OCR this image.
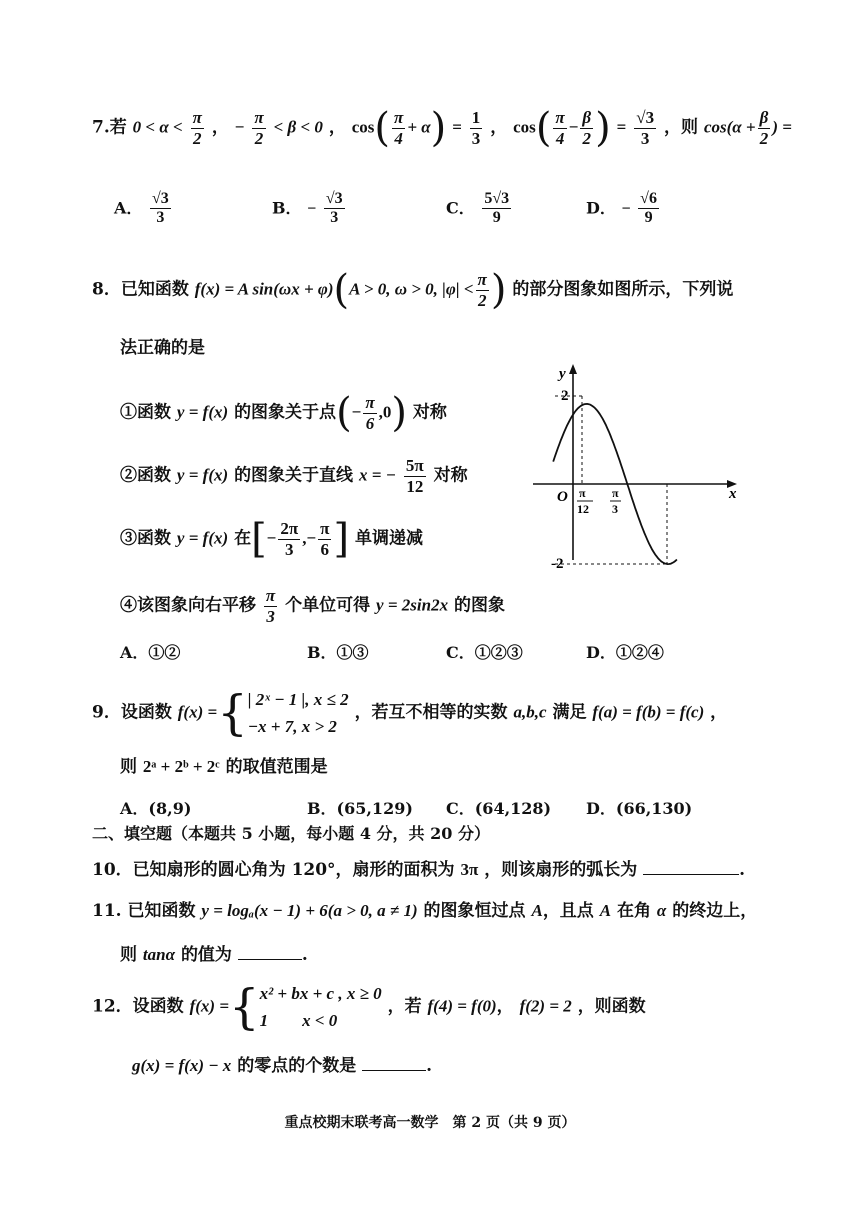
7.若 $0 < \alpha < \frac{\pi}{2}$ ， − $\frac{\pi}{2} < \beta < 0$ ， $\cos( \frac{\pi}{4} + \alpha) = \frac{1}{3}$ ， $\cos( \frac{\pi}{4} - \frac{\beta}{2}$ ) = $\frac{√3}{3}$ ，则 $\cos(\alpha + \frac{\beta}{2}$ ) =
A． $\frac{√3}{3}$	B． − $\frac{√3}{3}$	C． $\frac{5√3}{9}$	D． − $\frac{√6}{9}$
8．已知函数 f(x) = A sin(ωx + φ)(A > 0, ω > 0, $|\varphi| < \frac{\pi}{2}$ ) 的部分图象如图所示，下列说
法正确的是
①函数 y = f(x) 的图象关于点(− $\frac{\pi}{6} ,0$) 对称
②函数 y = f(x) 的图象关于直线 x = − $\frac{5\pi}{12}$ 对称
③函数 y = f(x) 在[− $\frac{2\pi}{3}$ ,− $\frac{\pi}{6}$ ] 单调递减
④该图象向右平移 $\frac{\pi}{3}$ 个单位可得 y = 2sin2x 的图象
y
x
O
2
-2
π
12
π
3
A．①②	B．①③	C．①②③	D．①②④
9．设函数 f(x) ={ | 2ˣ − 1 |, x ≤ 2
−x + 7, x > 2
，若互不相等的实数 a,b,c 满足 f(a) = f(b) = f(c) ，
则 2ᵃ + 2ᵇ + 2ᶜ 的取值范围是
A．(8,9)	B．(65,129) C．(64,128) D．(66,130)
二、填空题（本题共 5 小题，每小题 4 分，共 20 分）
10．已知扇形的圆心角为 120°，扇形的面积为 3π ，则该扇形的弧长为	.
11. 已知函数 y = logₐ(x − 1) + 6(a > 0, a ≠ 1) 的图象恒过点 A，且点 A 在角 α 的终边上，
则 tanα 的值为	.
12．设函数 f(x) ={ x² + bx + c , x ≥ 0
1 x < 0
，若 f(4) = f(0)， f(2) = 2 ，则函数
g(x) = f(x) − x 的零点的个数是	.
重点校期末联考高一数学　第 2 页（共 9 页）
